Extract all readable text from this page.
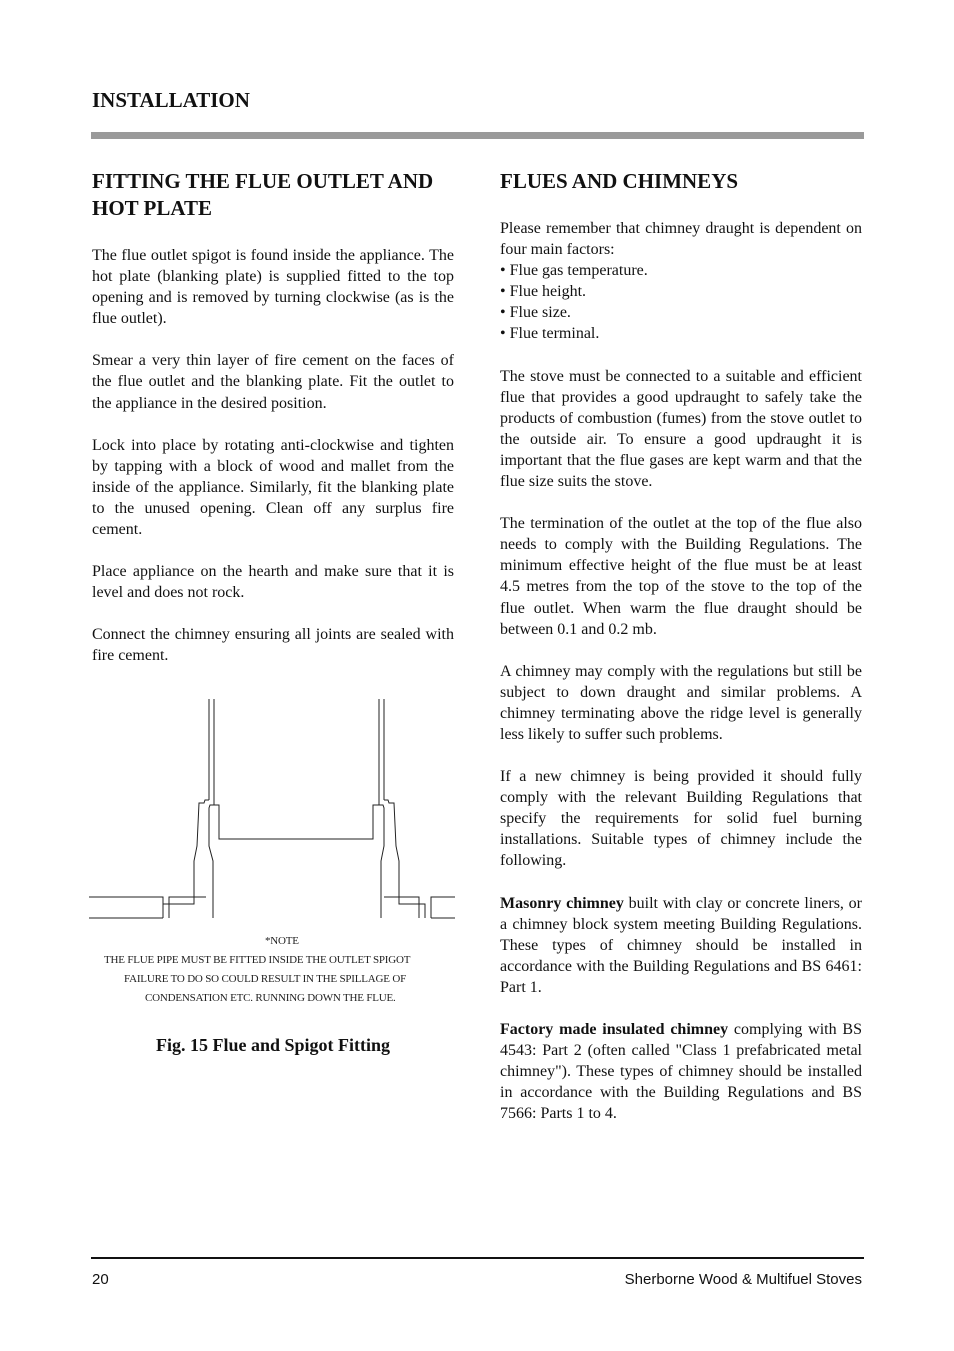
INSTALLATION
FITTING THE FLUE OUTLET AND HOT PLATE

The flue outlet spigot is found inside the appliance. The hot plate (blanking plate) is supplied fitted to the top opening and is removed by turning clockwise (as is the flue outlet).

Smear a very thin layer of fire cement on the faces of the flue outlet and the blanking plate. Fit the outlet to the appliance in the desired position.

Lock into place by rotating anti-clockwise and tighten by tapping with a block of wood and mallet from the inside of the appliance. Similarly, fit the blanking plate to the unused opening. Clean off any surplus fire cement.

Place appliance on the hearth and make sure that it is level and does not rock.

Connect the chimney ensuring all joints are sealed with fire cement.

*NOTE
THE FLUE PIPE MUST BE FITTED INSIDE THE OUTLET SPIGOT
FAILURE TO DO SO COULD RESULT IN THE SPILLAGE OF
CONDENSATION ETC. RUNNING DOWN THE FLUE.
Fig. 15 Flue and Spigot Fitting
FLUES AND CHIMNEYS

Please remember that chimney draught is dependent on four main factors:

• Flue gas temperature.
• Flue height.
• Flue size.
• Flue terminal.

The stove must be connected to a suitable and efficient flue that provides a good updraught to safely take the products of combustion (fumes) from the stove outlet to the outside air. To ensure a good updraught it is important that the flue gases are kept warm and that the flue size suits the stove.

The termination of the outlet at the top of the flue also needs to comply with the Building Regulations. The minimum effective height of the flue must be at least 4.5 metres from the top of the stove to the top of the flue outlet. When warm the flue draught should be between 0.1 and 0.2 mb.

A chimney may comply with the regulations but still be subject to down draught and similar problems. A chimney terminating above the ridge level is generally less likely to suffer such problems.

If a new chimney is being provided it should fully comply with the relevant Building Regulations that specify the requirements for solid fuel burning installations. Suitable types of chimney include the following.

Masonry chimney built with clay or concrete liners, or a chimney block system meeting Building Regulations. These types of chimney should be installed in accordance with the Building Regulations and BS 6461: Part 1.

Factory made insulated chimney complying with BS 4543: Part 2 (often called "Class 1 prefabricated metal chimney"). These types of chimney should be installed in accordance with the Building Regulations and BS 7566: Parts 1 to 4.

20	Sherborne Wood & Multifuel Stoves
